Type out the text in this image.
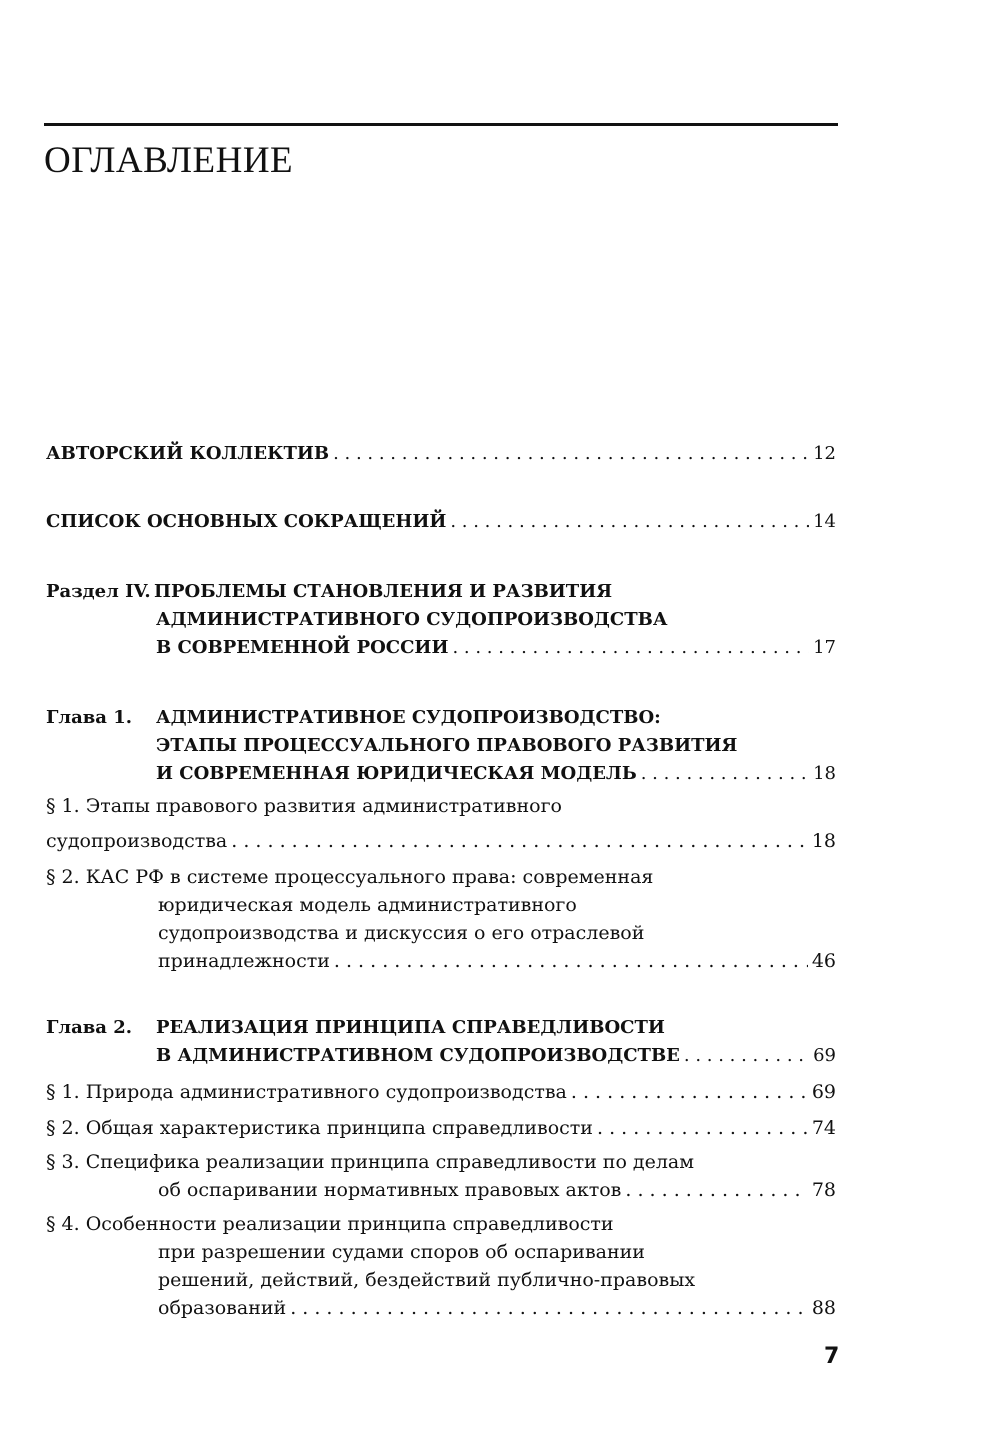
ОГЛАВЛЕНИЕ
АВТОРСКИЙ КОЛЛЕКТИВ . . .	12
СПИСОК ОСНОВНЫХ СОКРАЩЕНИЙ . . .	14
Раздел IV. ПРОБЛЕМЫ СТАНОВЛЕНИЯ И РАЗВИТИЯ
АДМИНИСТРАТИВНОГО СУДОПРОИЗВОДСТВА
В СОВРЕМЕННОЙ РОССИИ . . .	17
Глава 1. АДМИНИСТРАТИВНОЕ СУДОПРОИЗВОДСТВО:
ЭТАПЫ ПРОЦЕССУАЛЬНОГО ПРАВОВОГО РАЗВИТИЯ
И СОВРЕМЕННАЯ ЮРИДИЧЕСКАЯ МОДЕЛЬ . . .	18
§ 1. Этапы правового развития административного
судопроизводства . . .	18
§ 2. КАС РФ в системе процессуального права: современная
юридическая модель административного
судопроизводства и дискуссия о его отраслевой
принадлежности . . .	46
Глава 2. РЕАЛИЗАЦИЯ ПРИНЦИПА СПРАВЕДЛИВОСТИ
В АДМИНИСТРАТИВНОМ СУДОПРОИЗВОДСТВЕ . . .	69
§ 1. Природа административного судопроизводства . . .	69
§ 2. Общая характеристика принципа справедливости . . .	74
§ 3. Специфика реализации принципа справедливости по делам
об оспаривании нормативных правовых актов . . .	78
§ 4. Особенности реализации принципа справедливости
при разрешении судами споров об оспаривании
решений, действий, бездействий публично-правовых
образований . . .	88
7
